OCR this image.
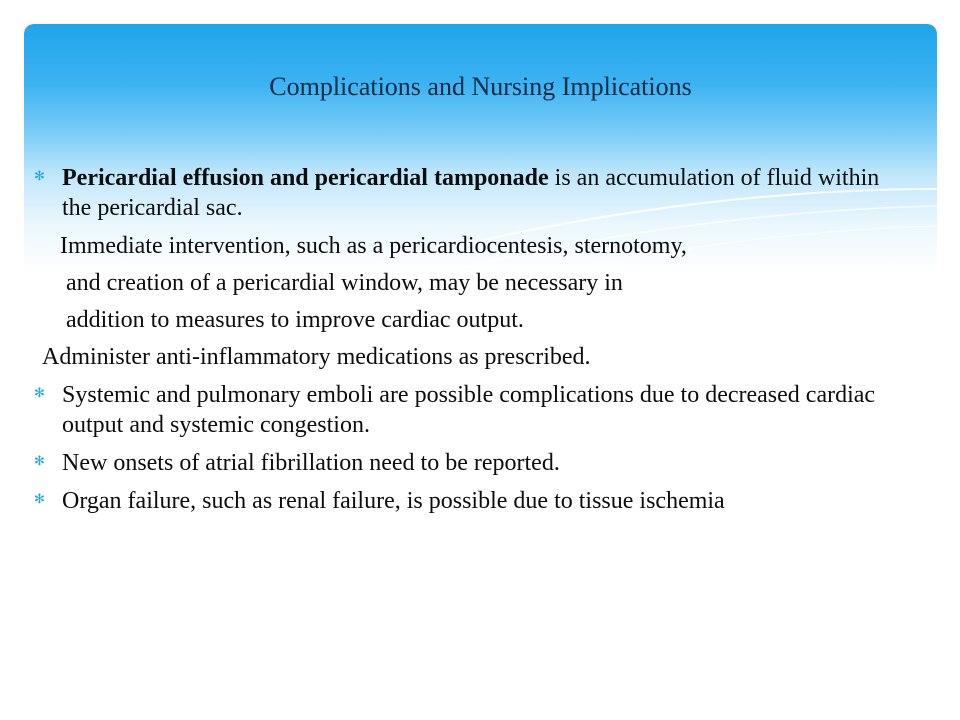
Complications and Nursing Implications
✻ Pericardial effusion and pericardial tamponade is an accumulation of fluid within the pericardial sac.
Immediate intervention, such as a pericardiocentesis, sternotomy,
and creation of a pericardial window, may be necessary in
addition to measures to improve cardiac output.
Administer anti-inflammatory medications as prescribed.
✻ Systemic and pulmonary emboli are possible complications due to decreased cardiac output and systemic congestion.
✻ New onsets of atrial fibrillation need to be reported.
✻ Organ failure, such as renal failure, is possible due to tissue ischemia
